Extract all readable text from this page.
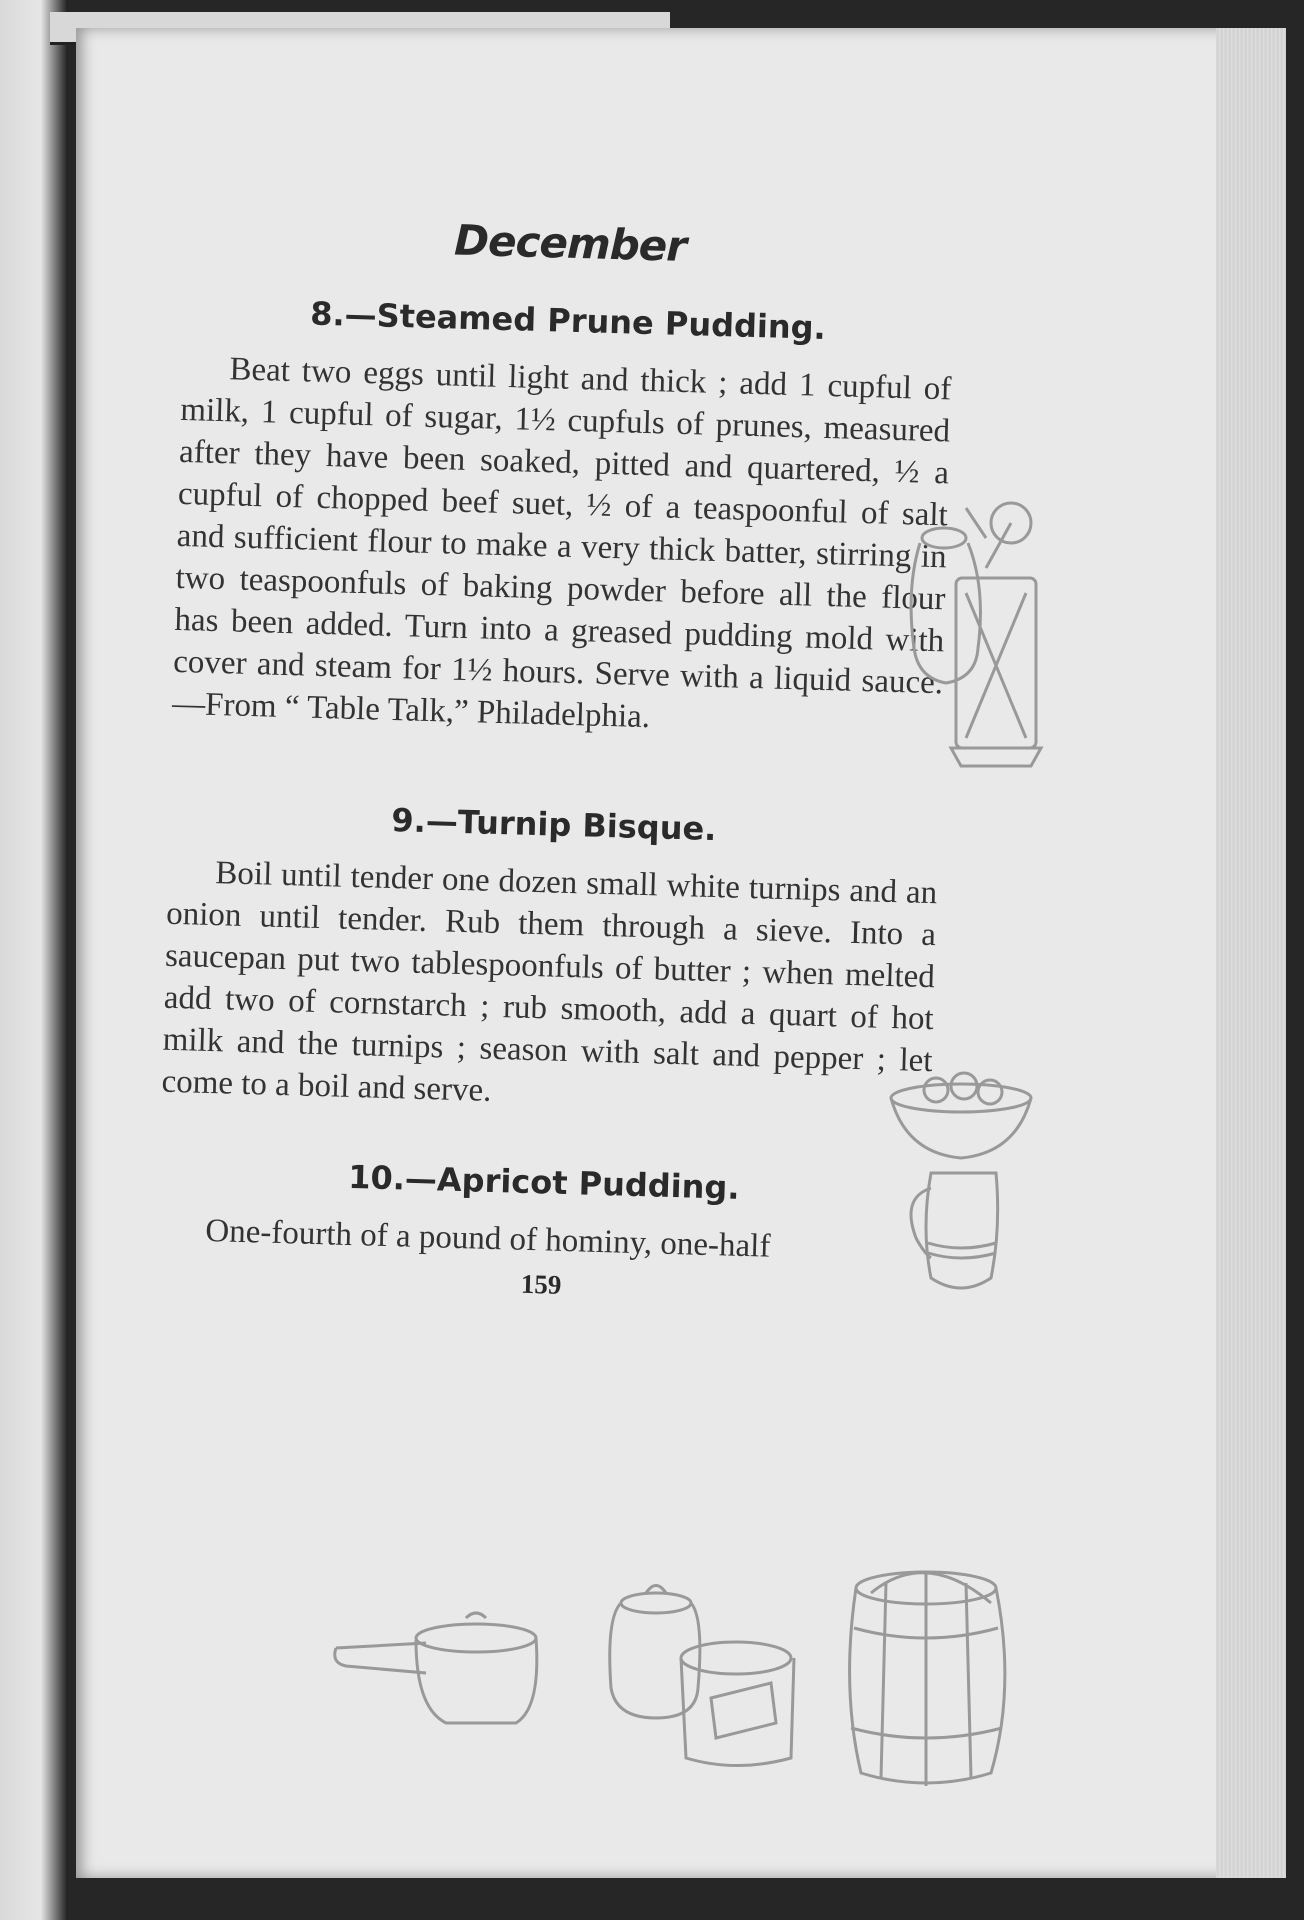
December
8.—Steamed Prune Pudding.

Beat two eggs until light and thick ; add 1 cupful of milk, 1 cupful of sugar, 1½ cupfuls of prunes, measured after they have been soaked, pitted and quartered, ½ a cupful of chopped beef suet, ½ of a teaspoonful of salt and sufficient flour to make a very thick batter, stirring in two teaspoonfuls of baking powder before all the flour has been added. Turn into a greased pudding mold with cover and steam for 1½ hours. Serve with a liquid sauce.—From “ Table Talk,” Philadelphia.

9.—Turnip Bisque.

Boil until tender one dozen small white turnips and an onion until tender. Rub them through a sieve. Into a saucepan put two tablespoonfuls of butter ; when melted add two of cornstarch ; rub smooth, add a quart of hot milk and the turnips ; season with salt and pepper ; let come to a boil and serve.

10.—Apricot Pudding.

One-fourth of a pound of hominy, one-half

159
